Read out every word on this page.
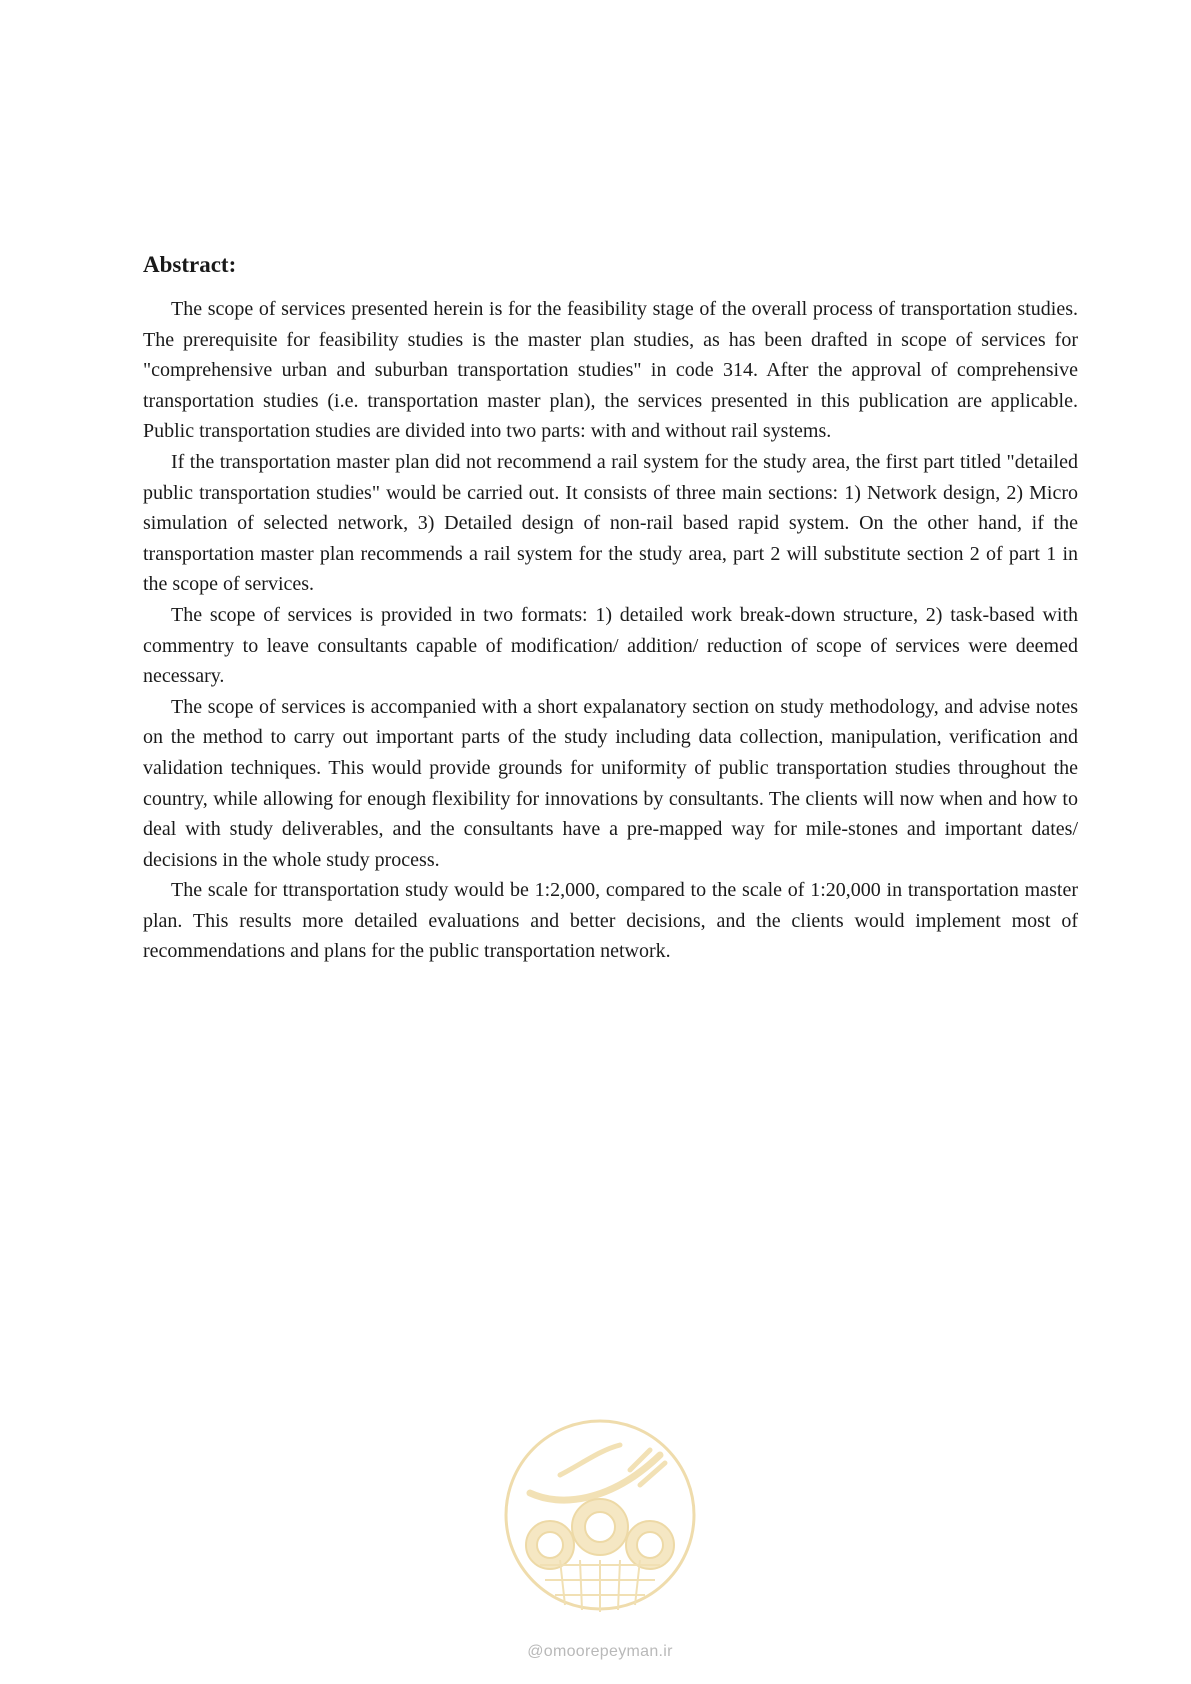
Abstract:

The scope of services presented herein is for the feasibility stage of the overall process of transportation studies. The prerequisite for feasibility studies is the master plan studies, as has been drafted in scope of services for "comprehensive urban and suburban transportation studies" in code 314. After the approval of comprehensive transportation studies (i.e. transportation master plan), the services presented in this publication are applicable. Public transportation studies are divided into two parts: with and without rail systems.

If the transportation master plan did not recommend a rail system for the study area, the first part titled "detailed public transportation studies" would be carried out. It consists of three main sections: 1) Network design, 2) Micro simulation of selected network, 3) Detailed design of non-rail based rapid system. On the other hand, if the transportation master plan recommends a rail system for the study area, part 2 will substitute section 2 of part 1 in the scope of services.

The scope of services is provided in two formats: 1) detailed work break-down structure, 2) task-based with commentry to leave consultants capable of modification/ addition/ reduction of scope of services were deemed necessary.

The scope of services is accompanied with a short expalanatory section on study methodology, and advise notes on the method to carry out important parts of the study including data collection, manipulation, verification and validation techniques. This would provide grounds for uniformity of public transportation studies throughout the country, while allowing for enough flexibility for innovations by consultants. The clients will now when and how to deal with study deliverables, and the consultants have a pre-mapped way for mile-stones and important dates/ decisions in the whole study process.

The scale for ttransportation study would be 1:2,000, compared to the scale of 1:20,000 in transportation master plan. This results more detailed evaluations and better decisions, and the clients would implement most of recommendations and plans for the public transportation network.

@omoorepeyman.ir
